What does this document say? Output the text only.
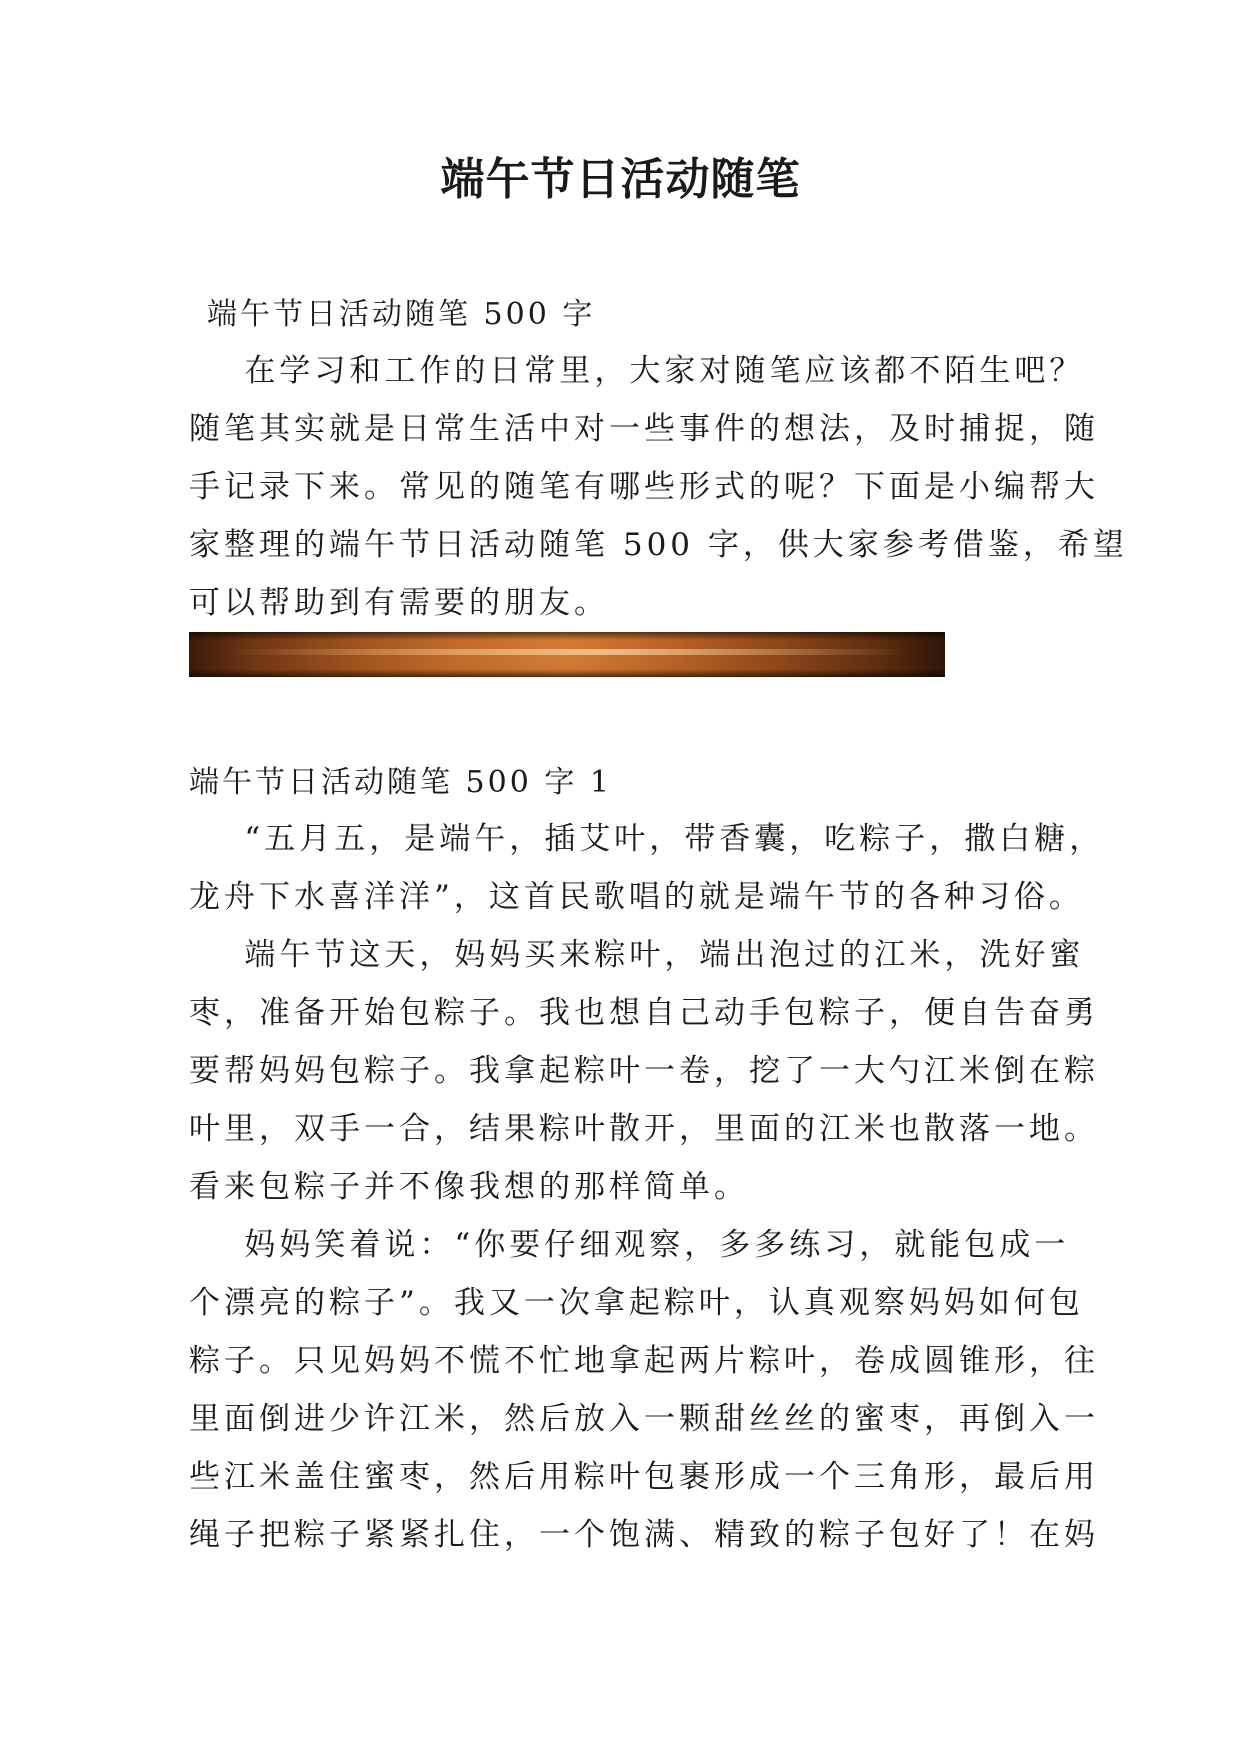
端午节日活动随笔
端午节日活动随笔 500 字
在学习和工作的日常里，大家对随笔应该都不陌生吧？
随笔其实就是日常生活中对一些事件的想法，及时捕捉，随
手记录下来。常见的随笔有哪些形式的呢？下面是小编帮大
家整理的端午节日活动随笔 500 字，供大家参考借鉴，希望
可以帮助到有需要的朋友。
端午节日活动随笔 500 字 1
“五月五，是端午，插艾叶，带香囊，吃粽子，撒白糖，
龙舟下水喜洋洋”，这首民歌唱的就是端午节的各种习俗。
端午节这天，妈妈买来粽叶，端出泡过的江米，洗好蜜
枣，准备开始包粽子。我也想自己动手包粽子，便自告奋勇
要帮妈妈包粽子。我拿起粽叶一卷，挖了一大勺江米倒在粽
叶里，双手一合，结果粽叶散开，里面的江米也散落一地。
看来包粽子并不像我想的那样简单。
妈妈笑着说：“你要仔细观察，多多练习，就能包成一
个漂亮的粽子”。我又一次拿起粽叶，认真观察妈妈如何包
粽子。只见妈妈不慌不忙地拿起两片粽叶，卷成圆锥形，往
里面倒进少许江米，然后放入一颗甜丝丝的蜜枣，再倒入一
些江米盖住蜜枣，然后用粽叶包裹形成一个三角形，最后用
绳子把粽子紧紧扎住，一个饱满、精致的粽子包好了！在妈
